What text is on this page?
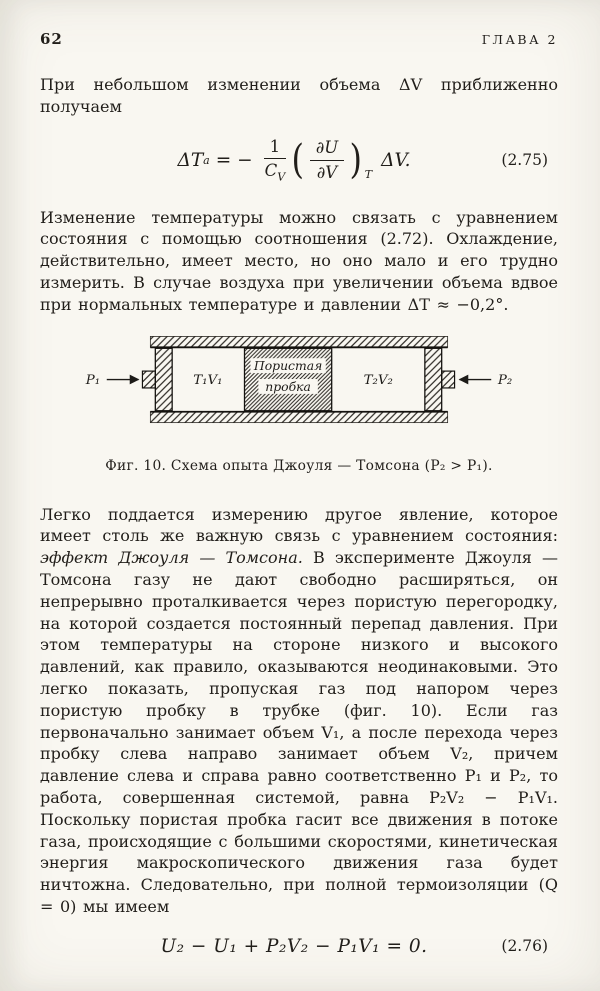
62	ГЛАВА 2

При небольшом изменении объема ΔV приближенно получаем

ΔT a = − $\frac{1}{C_V}$ ( $\frac{\partial U}{\partial V} )_T$
ΔV.	(2.75)

Изменение температуры можно связать с уравнением состояния с помощью соотношения (2.72). Охлаждение, действительно, имеет место, но оно мало и его трудно измерить. В случае воздуха при увеличении объема вдвое при нормальных температуре и давлении ΔT ≈ −0,2°.

Пористая
пробка
T₁V₁	T₂V₂
P₁	P₂
Фиг. 10. Схема опыта Джоуля — Томсона (P₂ > P₁).

Легко поддается измерению другое явление, которое имеет столь же важную связь с уравнением состояния: эффект Джоуля — Томсона. В эксперименте Джоуля — Томсона газу не дают свободно расширяться, он непрерывно проталкивается через пористую перегородку, на которой создается постоянный перепад давления. При этом температуры на стороне низкого и высокого давлений, как правило, оказываются неодинаковыми. Это легко показать, пропуская газ под напором через пористую пробку в трубке (фиг. 10). Если газ первоначально занимает объем V₁, а после перехода через пробку слева направо занимает объем V₂, причем давление слева и справа равно соответственно P₁ и P₂, то работа, совершенная системой, равна P₂V₂ − P₁V₁. Поскольку пористая пробка гасит все движения в потоке газа, происходящие с большими скоростями, кинетическая энергия макроскопического движения газа будет ничтожна. Следовательно, при полной термоизоляции (Q = 0) мы имеем

U₂ − U₁ + P₂V₂ − P₁V₁ = 0.	(2.76)
